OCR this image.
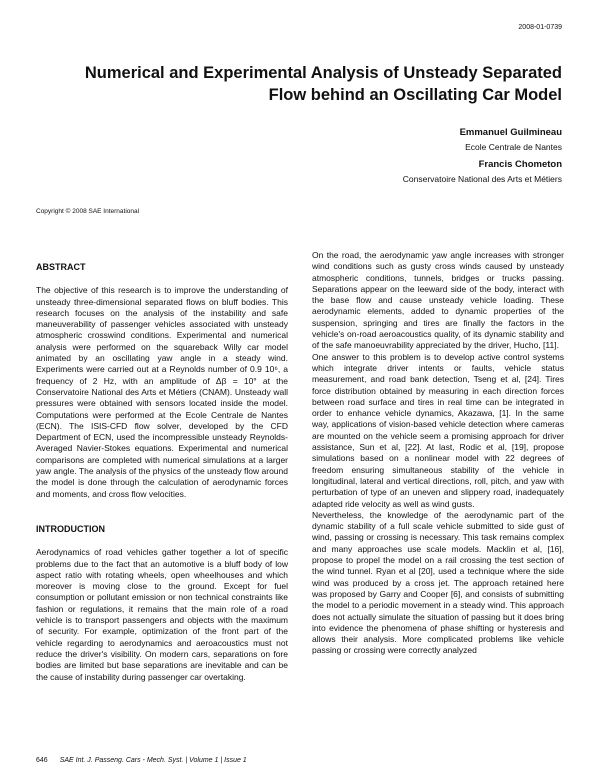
2008-01-0739
Numerical and Experimental Analysis of Unsteady Separated Flow behind an Oscillating Car Model
Emmanuel Guilmineau
Ecole Centrale de Nantes
Francis Chometon
Conservatoire National des Arts et Métiers
Copyright © 2008 SAE International
ABSTRACT

The objective of this research is to improve the understanding of unsteady three-dimensional separated flows on bluff bodies. This research focuses on the analysis of the instability and safe maneuverability of passenger vehicles associated with unsteady atmospheric crosswind conditions. Experimental and numerical analysis were performed on the squareback Willy car model animated by an oscillating yaw angle in a steady wind. Experiments were carried out at a Reynolds number of 0.9 10⁶, a frequency of 2 Hz, with an amplitude of Δβ = 10° at the Conservatoire National des Arts et Métiers (CNAM). Unsteady wall pressures were obtained with sensors located inside the model. Computations were performed at the Ecole Centrale de Nantes (ECN). The ISIS-CFD flow solver, developed by the CFD Department of ECN, used the incompressible unsteady Reynolds-Averaged Navier-Stokes equations. Experimental and numerical comparisons are completed with numerical simulations at a larger yaw angle. The analysis of the physics of the unsteady flow around the model is done through the calculation of aerodynamic forces and moments, and cross flow velocities.

INTRODUCTION

Aerodynamics of road vehicles gather together a lot of specific problems due to the fact that an automotive is a bluff body of low aspect ratio with rotating wheels, open wheelhouses and which moreover is moving close to the ground. Except for fuel consumption or pollutant emission or non technical constraints like fashion or regulations, it remains that the main role of a road vehicle is to transport passengers and objects with the maximum of security. For example, optimization of the front part of the vehicle regarding to aerodynamics and aeroacoustics must not reduce the driver's visibility. On modern cars, separations on fore bodies are limited but base separations are inevitable and can be the cause of instability during passenger car overtaking.

On the road, the aerodynamic yaw angle increases with stronger wind conditions such as gusty cross winds caused by unsteady atmospheric conditions, tunnels, bridges or trucks passing. Separations appear on the leeward side of the body, interact with the base flow and cause unsteady vehicle loading. These aerodynamic elements, added to dynamic properties of the suspension, springing and tires are finally the factors in the vehicle's on-road aeroacoustics quality, of its dynamic stability and of the safe manoeuvrability appreciated by the driver, Hucho, [11].

One answer to this problem is to develop active control systems which integrate driver intents or faults, vehicle status measurement, and road bank detection, Tseng et al, [24]. Tires force distribution obtained by measuring in each direction forces between road surface and tires in real time can be integrated in order to enhance vehicle dynamics, Akazawa, [1]. In the same way, applications of vision-based vehicle detection where cameras are mounted on the vehicle seem a promising approach for driver assistance, Sun et al, [22]. At last, Rodic et al, [19], propose simulations based on a nonlinear model with 22 degrees of freedom ensuring simultaneous stability of the vehicle in longitudinal, lateral and vertical directions, roll, pitch, and yaw with perturbation of type of an uneven and slippery road, inadequately adapted ride velocity as well as wind gusts.

Nevertheless, the knowledge of the aerodynamic part of the dynamic stability of a full scale vehicle submitted to side gust of wind, passing or crossing is necessary. This task remains complex and many approaches use scale models. Macklin et al, [16], propose to propel the model on a rail crossing the test section of the wind tunnel. Ryan et al [20], used a technique where the side wind was produced by a cross jet. The approach retained here was proposed by Garry and Cooper [6], and consists of submitting the model to a periodic movement in a steady wind. This approach does not actually simulate the situation of passing but it does bring into evidence the phenomena of phase shifting or hysteresis and allows their analysis. More complicated problems like vehicle passing or crossing were correctly analyzed

646 SAE Int. J. Passeng. Cars - Mech. Syst. | Volume 1 | Issue 1
